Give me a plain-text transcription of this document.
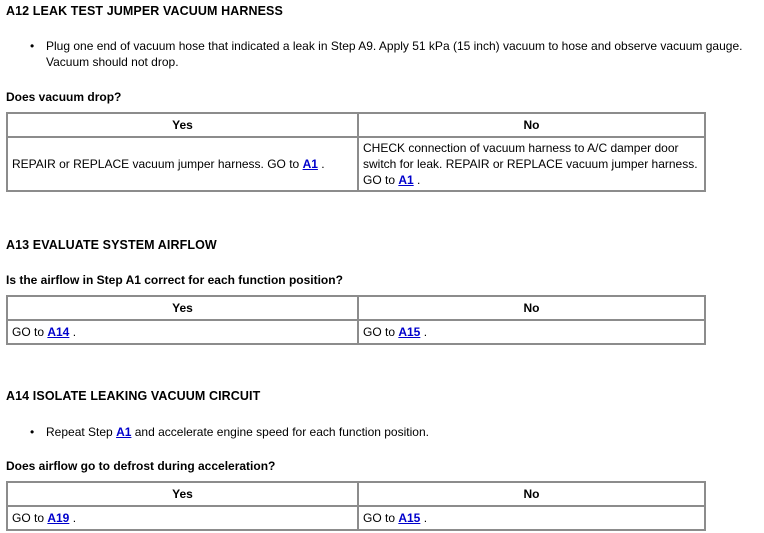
A12 LEAK TEST JUMPER VACUUM HARNESS
• Plug one end of vacuum hose that indicated a leak in Step A9. Apply 51 kPa (15 inch) vacuum to hose and observe vacuum gauge. Vacuum should not drop.
Does vacuum drop?
Yes	No
REPAIR or REPLACE vacuum jumper harness. GO to A1 .	CHECK connection of vacuum harness to A/C damper door switch for leak. REPAIR or REPLACE vacuum jumper harness. GO to A1 .
A13 EVALUATE SYSTEM AIRFLOW
Is the airflow in Step A1 correct for each function position?
Yes	No
GO to A14 .	GO to A15 .
A14 ISOLATE LEAKING VACUUM CIRCUIT
• Repeat Step A1 and accelerate engine speed for each function position.
Does airflow go to defrost during acceleration?
Yes	No
GO to A19 .	GO to A15 .
